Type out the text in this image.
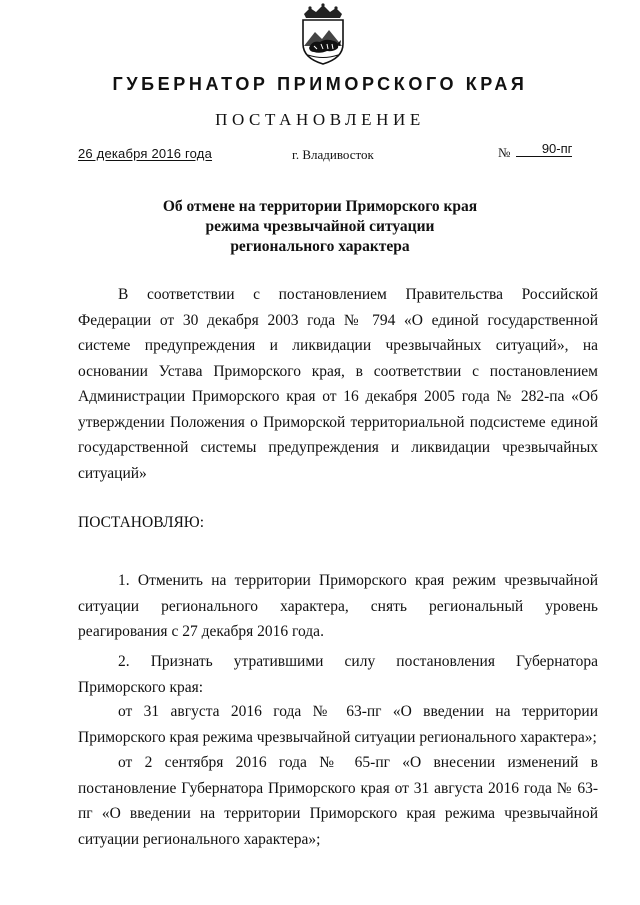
ГУБЕРНАТОР ПРИМОРСКОГО КРАЯ
ПОСТАНОВЛЕНИЕ
26 декабря 2016 года	г. Владивосток	№ 90-пг
Об отмене на территории Приморского края
режима чрезвычайной ситуации
регионального характера

В соответствии с постановлением Правительства Российской Федерации от 30 декабря 2003 года № 794 «О единой государственной системе предупреждения и ликвидации чрезвычайных ситуаций», на основании Устава Приморского края, в соответствии с постановлением Администрации Приморского края от 16 декабря 2005 года № 282-па «Об утверждении Положения о Приморской территориальной подсистеме единой государственной системы предупреждения и ликвидации чрезвычайных ситуаций»

ПОСТАНОВЛЯЮ:

1. Отменить на территории Приморского края режим чрезвычайной ситуации регионального характера, снять региональный уровень реагирования с 27 декабря 2016 года.

2. Признать утратившими силу постановления Губернатора Приморского края:

от 31 августа 2016 года № 63-пг «О введении на территории Приморского края режима чрезвычайной ситуации регионального характера»;

от 2 сентября 2016 года № 65-пг «О внесении изменений в постановление Губернатора Приморского края от 31 августа 2016 года № 63-пг «О введении на территории Приморского края режима чрезвычайной ситуации регионального характера»;
